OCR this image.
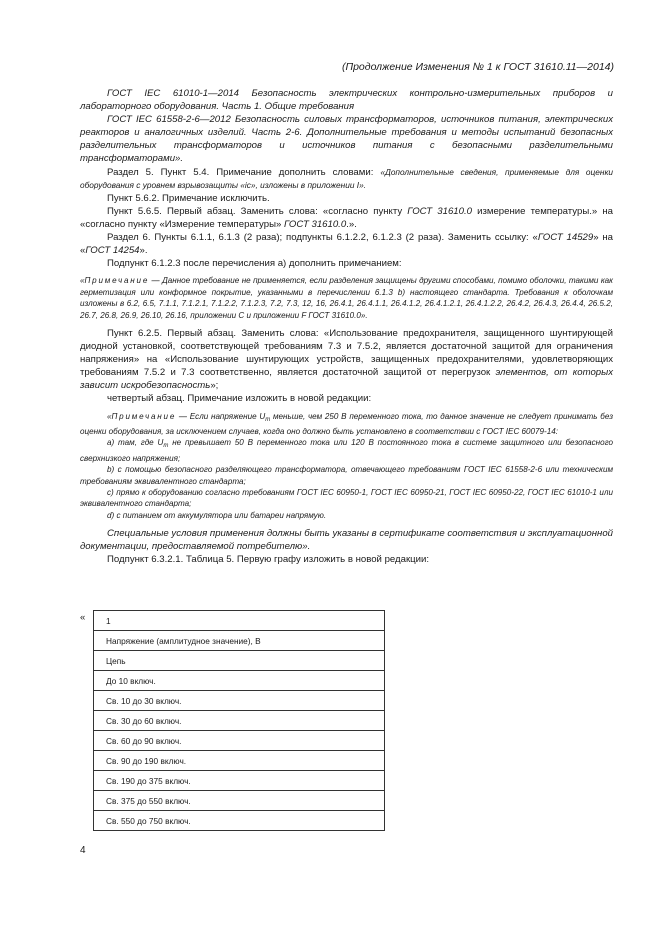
(Продолжение Изменения № 1 к ГОСТ 31610.11—2014)

ГОСТ IEC 61010-1—2014 Безопасность электрических контрольно-измерительных приборов и лабораторного оборудования. Часть 1. Общие требования

ГОСТ IEC 61558-2-6—2012 Безопасность силовых трансформаторов, источников питания, электрических реакторов и аналогичных изделий. Часть 2-6. Дополнительные требования и методы испытаний безопасных разделительных трансформаторов и источников питания с безопасными разделительными трансформаторами».

Раздел 5. Пункт 5.4. Примечание дополнить словами: «Дополнительные сведения, применяемые для оценки оборудования с уровнем взрывозащиты «ic», изложены в приложении I».

Пункт 5.6.2. Примечание исключить.

Пункт 5.6.5. Первый абзац. Заменить слова: «согласно пункту ГОСТ 31610.0 измерение температуры.» на «согласно пункту «Измерение температуры» ГОСТ 31610.0.».

Раздел 6. Пункты 6.1.1, 6.1.3 (2 раза); подпункты 6.1.2.2, 6.1.2.3 (2 раза). Заменить ссылку: «ГОСТ 14529» на «ГОСТ 14254».

Подпункт 6.1.2.3 после перечисления а) дополнить примечанием:

«Примечание — Данное требование не применяется, если разделения защищены другими способами, помимо оболочки, такими как герметизация или конформное покрытие, указанными в перечислении 6.1.3 b) настоящего стандарта. Требования к оболочкам изложены в 6.2, 6.5, 7.1.1, 7.1.2.1, 7.1.2.2, 7.1.2.3, 7.2, 7.3, 12, 16, 26.4.1, 26.4.1.1, 26.4.1.2, 26.4.1.2.1, 26.4.1.2.2, 26.4.2, 26.4.3, 26.4.4, 26.5.2, 26.7, 26.8, 26.9, 26.10, 26.16, приложении С и приложении F ГОСТ 31610.0».

Пункт 6.2.5. Первый абзац. Заменить слова: «Использование предохранителя, защищенного шунтирующей диодной установкой, соответствующей требованиям 7.3 и 7.5.2, является достаточной защитой для ограничения напряжения» на «Использование шунтирующих устройств, защищенных предохранителями, удовлетворяющих требованиям 7.5.2 и 7.3 соответственно, является достаточной защитой от перегрузок элементов, от которых зависит искробезопасность»;

четвертый абзац. Примечание изложить в новой редакции:

«Примечание — Если напряжение $U_m$ меньше, чем 250 В переменного тока, то данное значение не следует принимать без оценки оборудования, за исключением случаев, когда оно должно быть установлено в соответствии с ГОСТ IEC 60079-14:

a) там, где $U_m$ не превышает 50 В переменного тока или 120 В постоянного тока в системе защитного или безопасного сверхнизкого напряжения;

b) с помощью безопасного разделяющего трансформатора, отвечающего требованиям ГОСТ IEC 61558-2-6 или техническим требованиям эквивалентного стандарта;

c) прямо к оборудованию согласно требованиям ГОСТ IEC 60950-1, ГОСТ IEC 60950-21, ГОСТ IEC 60950-22, ГОСТ IEC 61010-1 или эквивалентного стандарта;

d) с питанием от аккумулятора или батареи напрямую.

Специальные условия применения должны быть указаны в сертификате соответствия и эксплуатационной документации, предоставляемой потребителю».

Подпункт 6.3.2.1. Таблица 5. Первую графу изложить в новой редакции:

« 1
Напряжение (амплитудное значение), В
Цепь
До 10 включ.
Св. 10 до 30 включ.
Св. 30 до 60 включ.
Св. 60 до 90 включ.
Св. 90 до 190 включ.
Св. 190 до 375 включ.
Св. 375 до 550 включ.
Св. 550 до 750 включ.
4
